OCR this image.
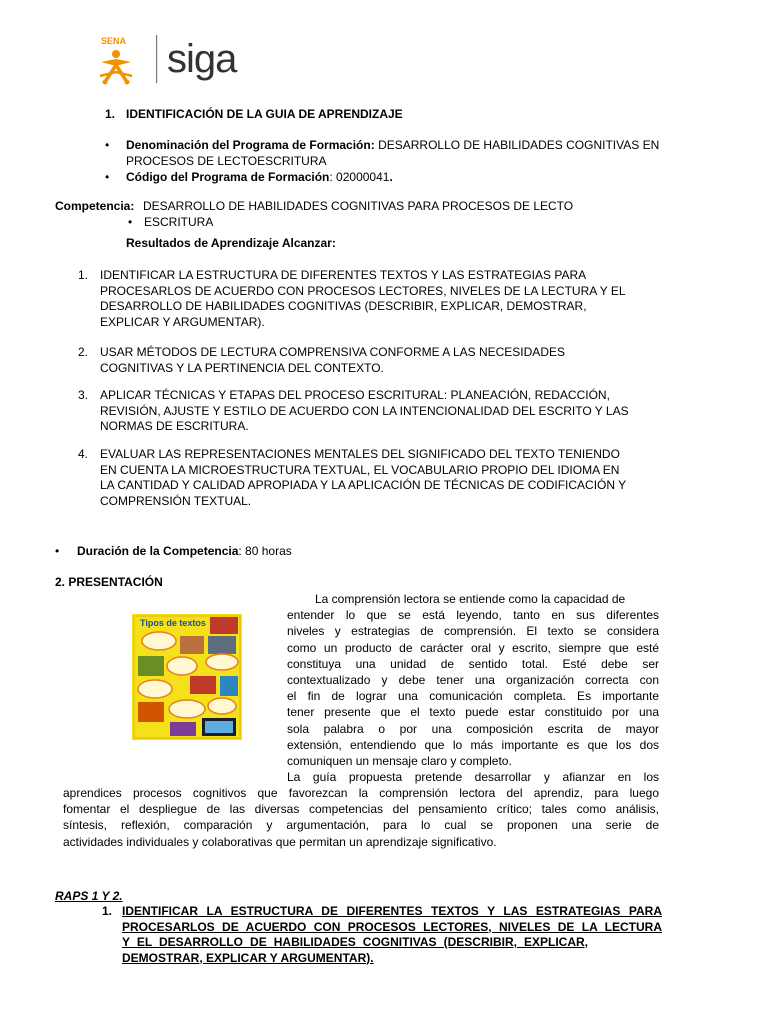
SENA siga
1. IDENTIFICACIÓN DE LA GUIA DE APRENDIZAJE
• Denominación del Programa de Formación: DESARROLLO DE HABILIDADES COGNITIVAS EN
PROCESOS DE LECTOESCRITURA
• Código del Programa de Formación: 02000041.
Competencia: DESARROLLO DE HABILIDADES COGNITIVAS PARA PROCESOS DE LECTO
• ESCRITURA
Resultados de Aprendizaje Alcanzar:
1. IDENTIFICAR LA ESTRUCTURA DE DIFERENTES TEXTOS Y LAS ESTRATEGIAS PARA
PROCESARLOS DE ACUERDO CON PROCESOS LECTORES, NIVELES DE LA LECTURA Y EL
DESARROLLO DE HABILIDADES COGNITIVAS (DESCRIBIR, EXPLICAR, DEMOSTRAR,
EXPLICAR Y ARGUMENTAR).
2. USAR MÉTODOS DE LECTURA COMPRENSIVA CONFORME A LAS NECESIDADES
COGNITIVAS Y LA PERTINENCIA DEL CONTEXTO.
3. APLICAR TÉCNICAS Y ETAPAS DEL PROCESO ESCRITURAL: PLANEACIÓN, REDACCIÓN,
REVISIÓN, AJUSTE Y ESTILO DE ACUERDO CON LA INTENCIONALIDAD DEL ESCRITO Y LAS
NORMAS DE ESCRITURA.
4. EVALUAR LAS REPRESENTACIONES MENTALES DEL SIGNIFICADO DEL TEXTO TENIENDO
EN CUENTA LA MICROESTRUCTURA TEXTUAL, EL VOCABULARIO PROPIO DEL IDIOMA EN
LA CANTIDAD Y CALIDAD APROPIADA Y LA APLICACIÓN DE TÉCNICAS DE CODIFICACIÓN Y
COMPRENSIÓN TEXTUAL.
• Duración de la Competencia: 80 horas
2. PRESENTACIÓN
Tipos de textos
La comprensión lectora se entiende como la capacidad de
entender lo que se está leyendo, tanto en sus diferentes
niveles y estrategias de comprensión. El texto se considera
como un producto de carácter oral y escrito, siempre que esté
constituya una unidad de sentido total. Esté debe ser
contextualizado y debe tener una organización correcta con
el fin de lograr una comunicación completa. Es importante
tener presente que el texto puede estar constituido por una
sola palabra o por una composición escrita de mayor
extensión, entendiendo que lo más importante es que los dos
comuniquen un mensaje claro y completo.
La guía propuesta pretende desarrollar y afianzar en los
aprendices procesos cognitivos que favorezcan la comprensión lectora del aprendiz, para luego
fomentar el despliegue de las diversas competencias del pensamiento crítico; tales como análisis,
síntesis, reflexión, comparación y argumentación, para lo cual se proponen una serie de
actividades individuales y colaborativas que permitan un aprendizaje significativo.
RAPS 1 Y 2.
1. IDENTIFICAR LA ESTRUCTURA DE DIFERENTES TEXTOS Y LAS ESTRATEGIAS PARA
PROCESARLOS DE ACUERDO CON PROCESOS LECTORES, NIVELES DE LA LECTURA
Y EL DESARROLLO DE HABILIDADES COGNITIVAS (DESCRIBIR, EXPLICAR,
DEMOSTRAR, EXPLICAR Y ARGUMENTAR).
